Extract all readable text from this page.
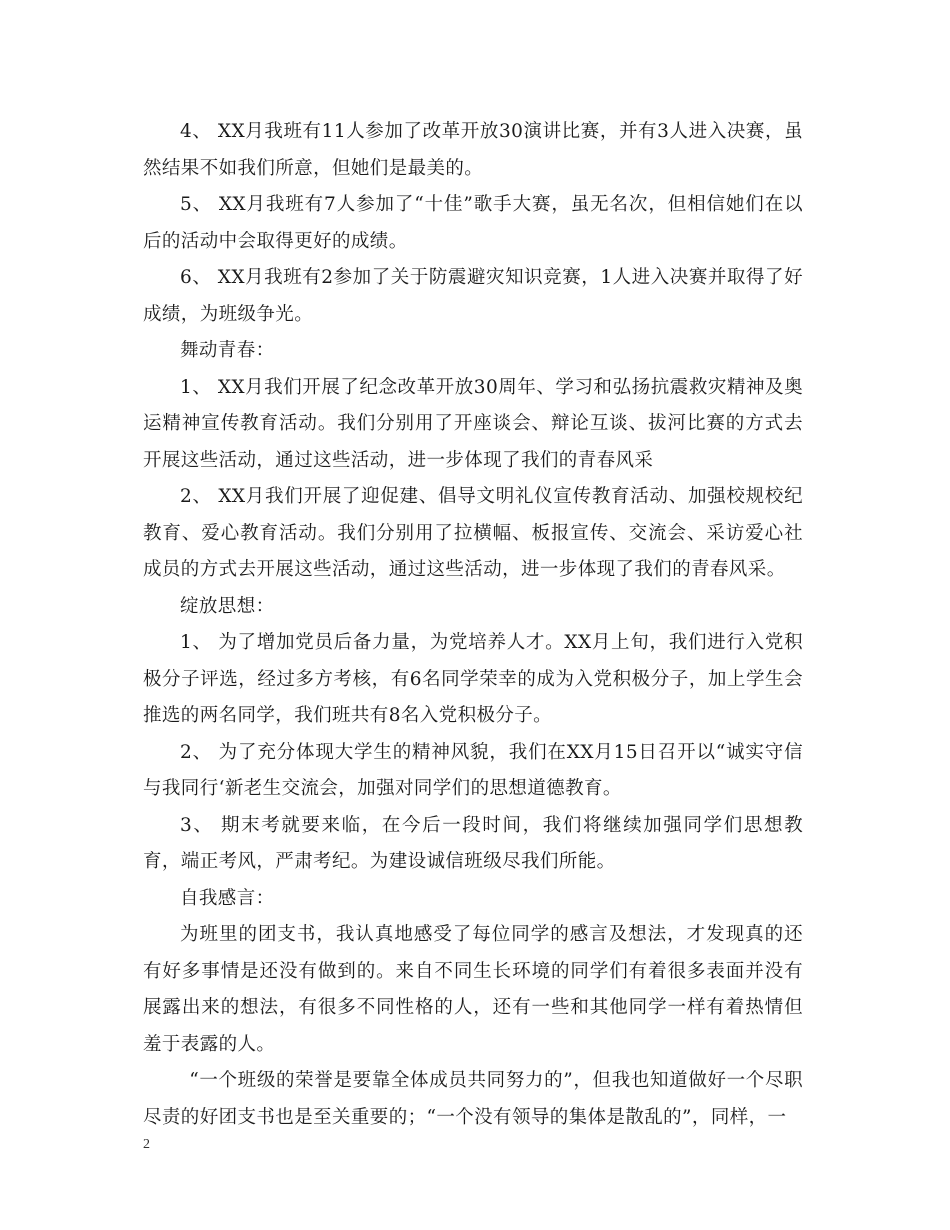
4、 XX月我班有11人参加了改革开放30演讲比赛，并有3人进入决赛，虽然结果不如我们所意，但她们是最美的。

5、 XX月我班有7人参加了“十佳”歌手大赛，虽无名次，但相信她们在以后的活动中会取得更好的成绩。

6、 XX月我班有2参加了关于防震避灾知识竞赛，1人进入决赛并取得了好成绩，为班级争光。

舞动青春：

1、 XX月我们开展了纪念改革开放30周年、学习和弘扬抗震救灾精神及奥运精神宣传教育活动。我们分别用了开座谈会、辩论互谈、拔河比赛的方式去开展这些活动，通过这些活动，进一步体现了我们的青春风采

2、 XX月我们开展了迎促建、倡导文明礼仪宣传教育活动、加强校规校纪教育、爱心教育活动。我们分别用了拉横幅、板报宣传、交流会、采访爱心社成员的方式去开展这些活动，通过这些活动，进一步体现了我们的青春风采。

绽放思想：

1、 为了增加党员后备力量，为党培养人才。XX月上旬，我们进行入党积极分子评选，经过多方考核，有6名同学荣幸的成为入党积极分子，加上学生会推选的两名同学，我们班共有8名入党积极分子。

2、 为了充分体现大学生的精神风貌，我们在XX月15日召开以“诚实守信与我同行‘新老生交流会，加强对同学们的思想道德教育。

3、 期末考就要来临，在今后一段时间，我们将继续加强同学们思想教育，端正考风，严肃考纪。为建设诚信班级尽我们所能。

自我感言：

为班里的团支书，我认真地感受了每位同学的感言及想法，才发现真的还有好多事情是还没有做到的。来自不同生长环境的同学们有着很多表面并没有展露出来的想法，有很多不同性格的人，还有一些和其他同学一样有着热情但羞于表露的人。

“一个班级的荣誉是要靠全体成员共同努力的”，但我也知道做好一个尽职尽责的好团支书也是至关重要的；“一个没有领导的集体是散乱的”，同样，一

2
